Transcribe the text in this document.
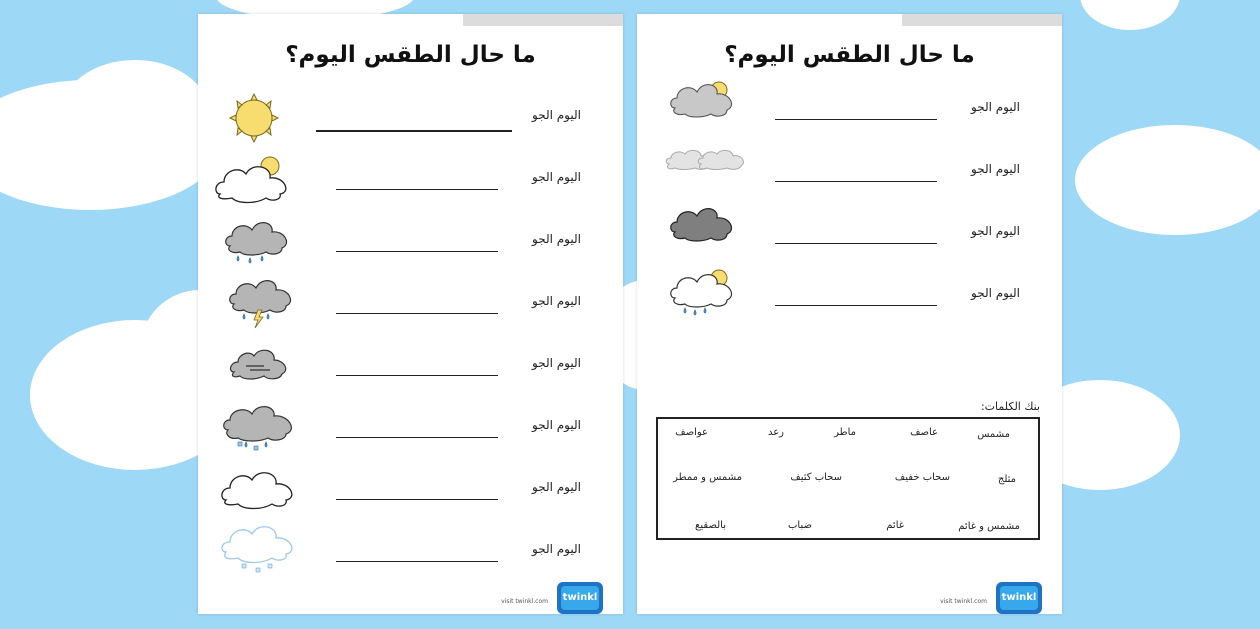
ما حال الطقس اليوم؟
اليوم الجو
اليوم الجو
اليوم الجو
اليوم الجو
اليوم الجو
اليوم الجو
اليوم الجو
اليوم الجو
visit twinkl.com twinkl
ما حال الطقس اليوم؟
اليوم الجو
اليوم الجو
اليوم الجو
اليوم الجو
بنك الكلمات:
مشمس
عاصف
ماطر
رعد
عواصف
مثلج
سحاب خفيف
سحاب كثيف
مشمس و ممطر
مشمس و غائم
غائم
ضباب
بالصقيع
visit twinkl.com twinkl
